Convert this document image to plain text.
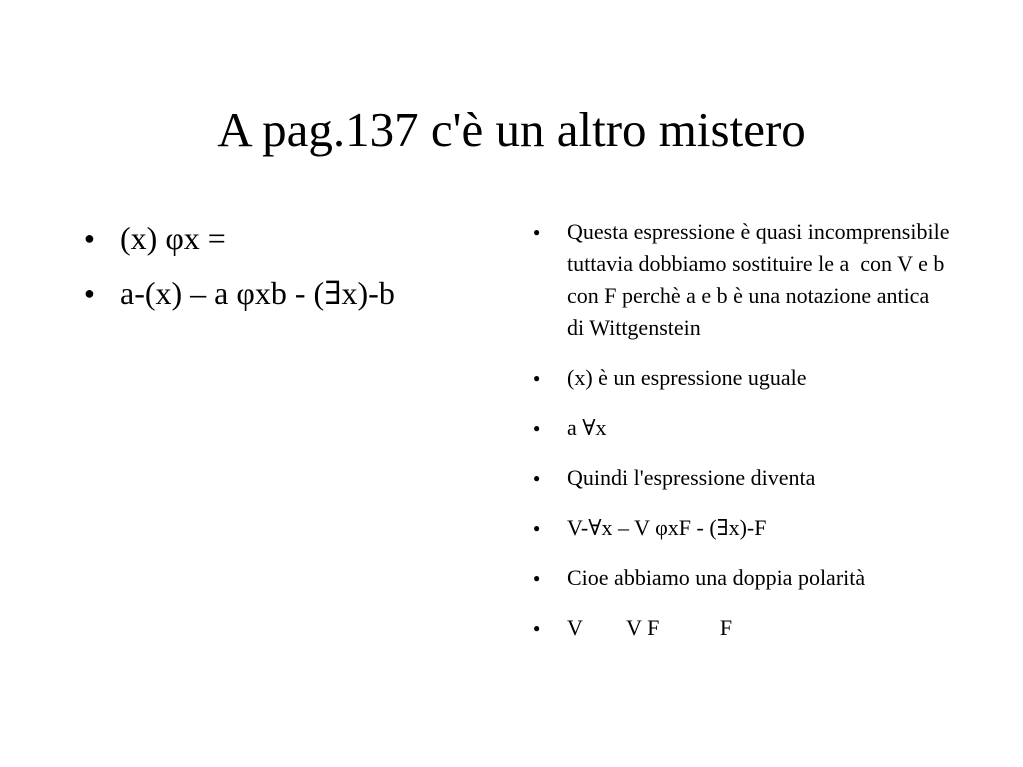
A pag.137 c'è un altro mistero
● (x) φx =
● a-(x) – a φxb - (∃x)-b
● Questa espressione è quasi incomprensibile tuttavia dobbiamo sostituire le a  con V e b con F perchè a e b è una notazione antica di Wittgenstein
● (x) è un espressione uguale
● a ∀x
● Quindi l'espressione diventa
● V-∀x – V φxF - (∃x)-F
● Cioe abbiamo una doppia polarità
● V        V F           F
